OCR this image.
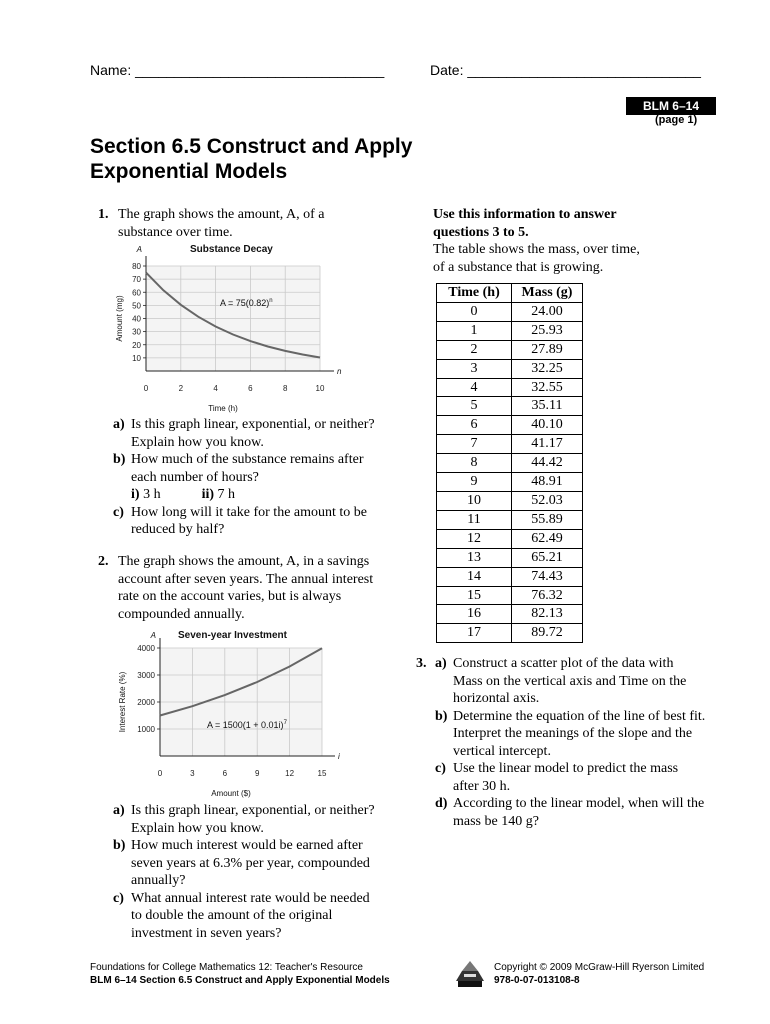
Name: ________________________________	Date: ______________________________
BLM 6–14
(page 1)
Section 6.5 Construct and Apply
Exponential Models
1. The graph shows the amount, A, of a substance over time.
0	2	4	6	8	10
10
20
30
40
50
60
70
80
Substance Decay
A
n
Time (h)
Amount (mg)	$A = 75(0.82)^n$
a) Is this graph linear, exponential, or neither? Explain how you know.
b) How much of the substance remains after each number of hours?
i) 3 h	ii) 7 h
c) How long will it take for the amount to be reduced by half?
2. The graph shows the amount, A, in a savings account after seven years. The annual interest rate on the account varies, but is always compounded annually.
0	3	6	9	12	15
1000
2000
3000
4000
Seven-year Investment
A
i
Amount ($)
Interest Rate (%)	$A = 1500(1 + 0.01i)^7$
a) Is this graph linear, exponential, or neither? Explain how you know.
b) How much interest would be earned after seven years at 6.3% per year, compounded annually?
c) What annual interest rate would be needed to double the amount of the original investment in seven years?
Use this information to answer
questions 3 to 5.
The table shows the mass, over time,
of a substance that is growing.
Time (h)	Mass (g)
0	24.00
1	25.93
2	27.89
3	32.25
4	32.55
5	35.11
6	40.10
7	41.17
8	44.42
9	48.91
10	52.03
11	55.89
12	62.49
13	65.21
14	74.43
15	76.32
16	82.13
17	89.72
3. a) Construct a scatter plot of the data with Mass on the vertical axis and Time on the horizontal axis.
b) Determine the equation of the line of best fit. Interpret the meanings of the slope and the vertical intercept.
c) Use the linear model to predict the mass after 30 h.
d) According to the linear model, when will the mass be 140 g?
Foundations for College Mathematics 12: Teacher's Resource
BLM 6–14 Section 6.5 Construct and Apply Exponential Models
Copyright © 2009 McGraw-Hill Ryerson Limited
978-0-07-013108-8
